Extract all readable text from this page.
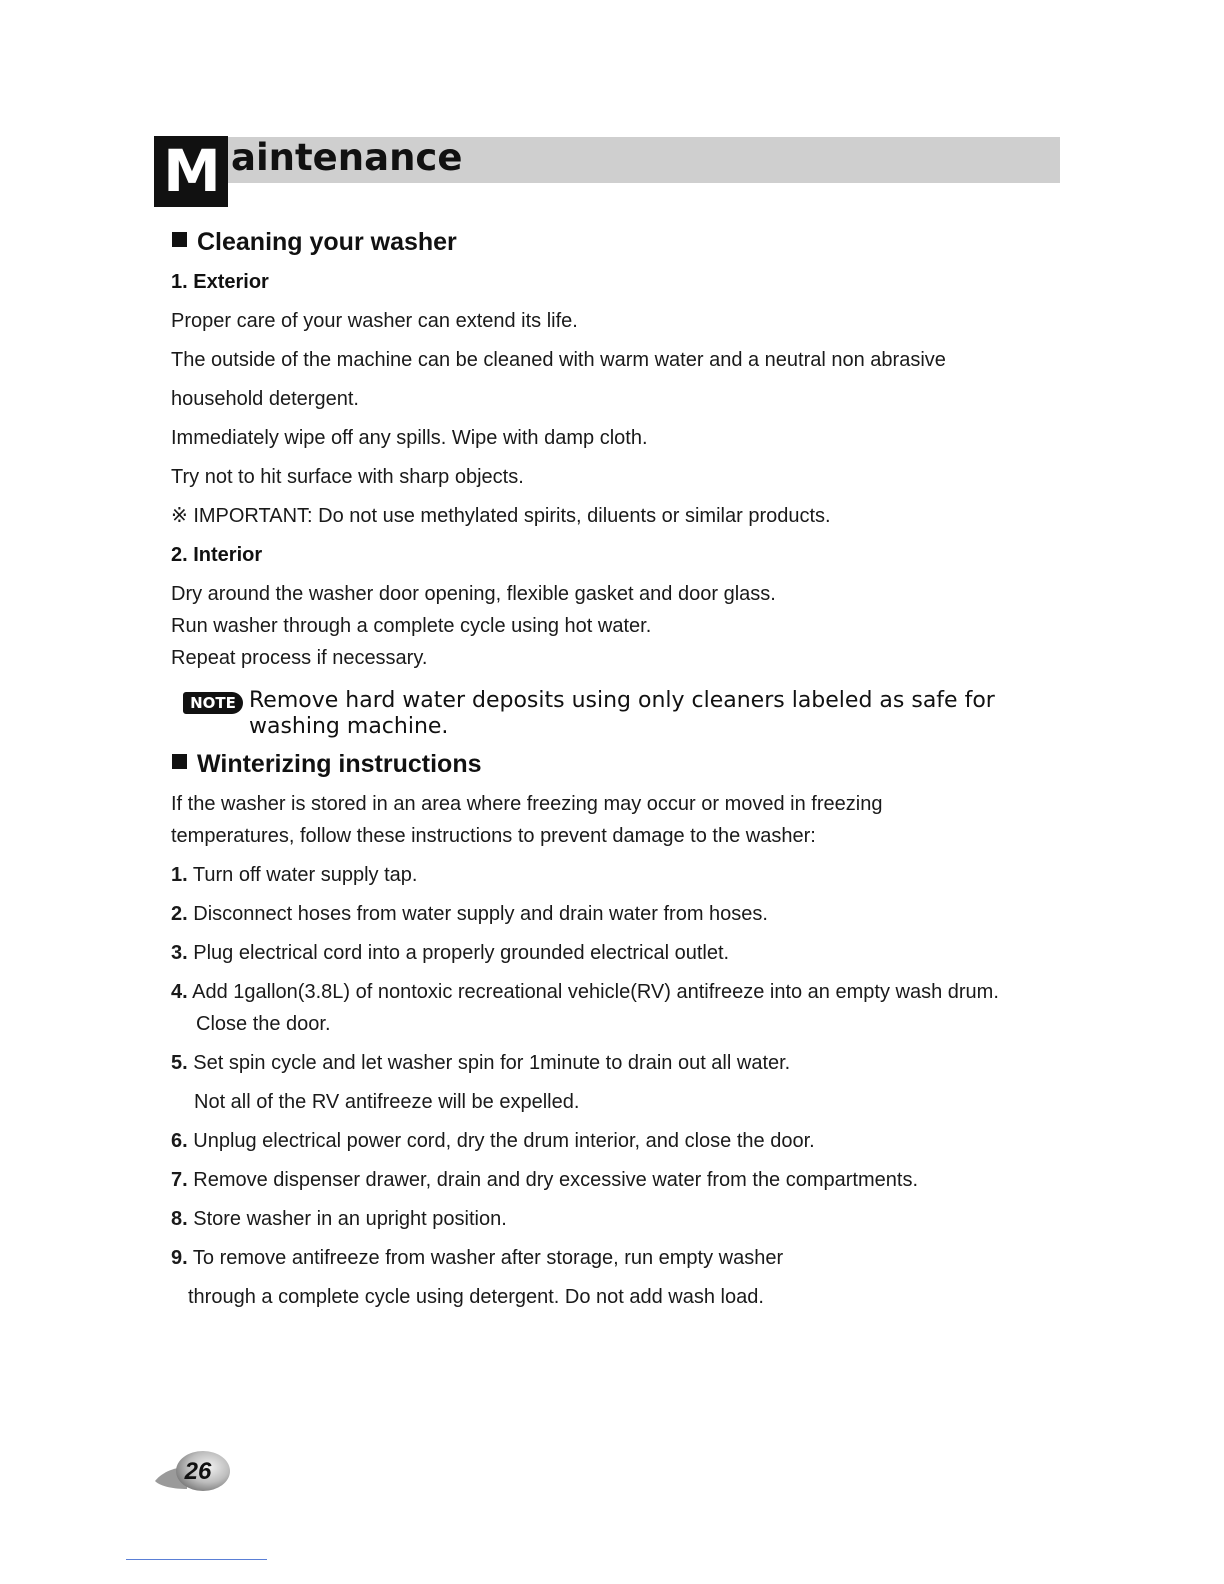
M aintenance
Cleaning your washer
1. Exterior
Proper care of your washer can extend its life.
The outside of the machine can be cleaned with warm water and a neutral non abrasive
household detergent.
Immediately wipe off any spills. Wipe with damp cloth.
Try not to hit surface with sharp objects.
※ IMPORTANT: Do not use methylated spirits, diluents or similar products.
2. Interior
Dry around the washer door opening, flexible gasket and door glass.
Run washer through a complete cycle using hot water.
Repeat process if necessary.
NOTE Remove hard water deposits using only cleaners labeled as safe for washing machine.
Winterizing instructions
If the washer is stored in an area where freezing may occur or moved in freezing
temperatures, follow these instructions to prevent damage to the washer:
1. Turn off water supply tap.
2. Disconnect hoses from water supply and drain water from hoses.
3. Plug electrical cord into a properly grounded electrical outlet.
4. Add 1gallon(3.8L) of nontoxic recreational vehicle(RV) antifreeze into an empty wash drum.
Close the door.
5. Set spin cycle and let washer spin for 1minute to drain out all water.
Not all of the RV antifreeze will be expelled.
6. Unplug electrical power cord, dry the drum interior, and close the door.
7. Remove dispenser drawer, drain and dry excessive water from the compartments.
8. Store washer in an upright position.
9. To remove antifreeze from washer after storage, run empty washer
through a complete cycle using detergent. Do not add wash load.
26
